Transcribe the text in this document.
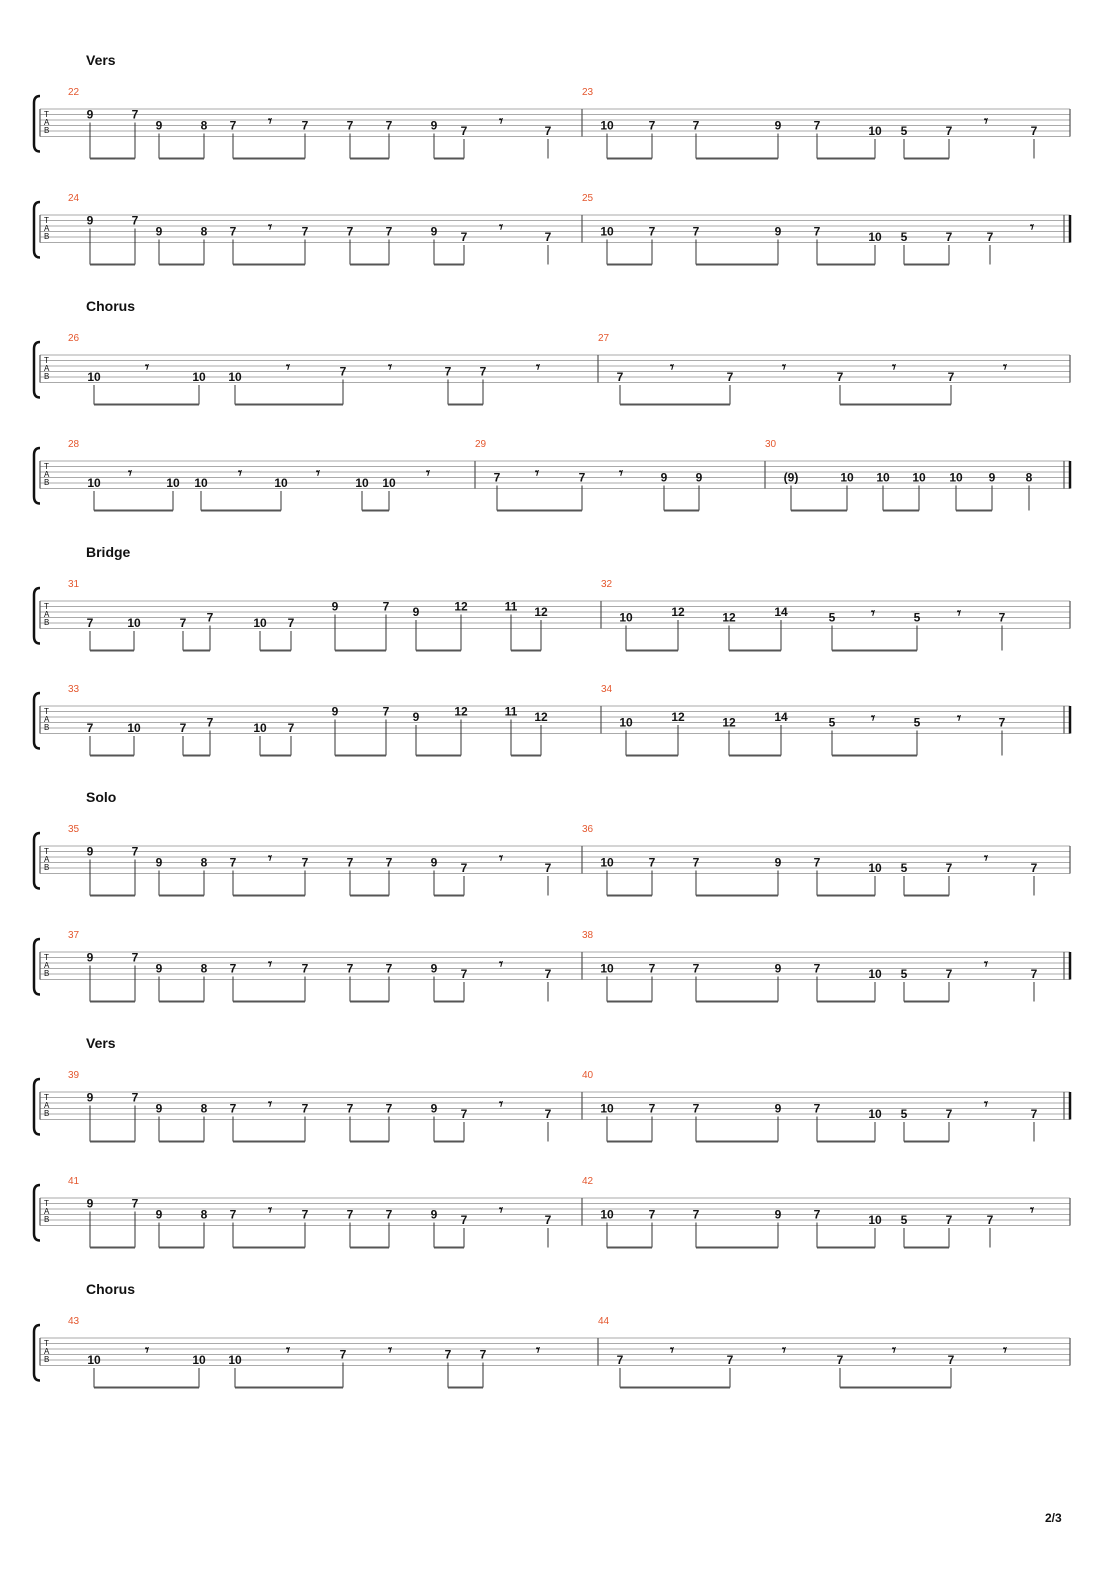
Vers
T
A
B
22
9	7
9	8 7	7	7	7	9 7	7
𝄾	𝄾
23
10	7	7	9	7	10 5	7	7
𝄾
T
A
B
24
9	7
9	8 7	7	7	7	9 7	7
𝄾	𝄾
25
10	7	7	9	7	10 5	7	7
𝄾
Chorus
T
A
B
26
10	10 10	7	7 7
𝄾	𝄾	𝄾	𝄾
27
7	7	7	7
𝄾	𝄾	𝄾	𝄾
T
A
B
28
10	10 10	10	10 10
𝄾	𝄾	𝄾	𝄾
29
7	7	9 9
𝄾	𝄾
30
(9)	10 10 10 10 9	8
Bridge
T
A
B
31
7	10	7 7	10 7
9	7 9	12	11 12
32
10	12	12	14	5	5	7
𝄾	𝄾
T
A
B
33
7	10	7 7	10 7
9	7 9	12	11 12
34
10	12	12	14	5	5	7
𝄾	𝄾
Solo
T
A
B
35
9	7
9	8 7	7	7	7	9 7	7
𝄾	𝄾
36
10	7	7	9	7	10 5	7	7
𝄾
T
A
B
37
9	7
9	8 7	7	7	7	9 7	7
𝄾	𝄾
38
10	7	7	9	7	10 5	7	7
𝄾
Vers
T
A
B
39
9	7
9	8 7	7	7	7	9 7	7
𝄾	𝄾
40
10	7	7	9	7	10 5	7	7
𝄾
T
A
B
41
9	7
9	8 7	7	7	7	9 7	7
𝄾	𝄾
42
10	7	7	9	7	10 5	7	7
𝄾
Chorus
T
A
B
43
10	10 10	7	7 7
𝄾	𝄾	𝄾	𝄾
44
7	7	7	7
𝄾	𝄾	𝄾	𝄾
2/3
